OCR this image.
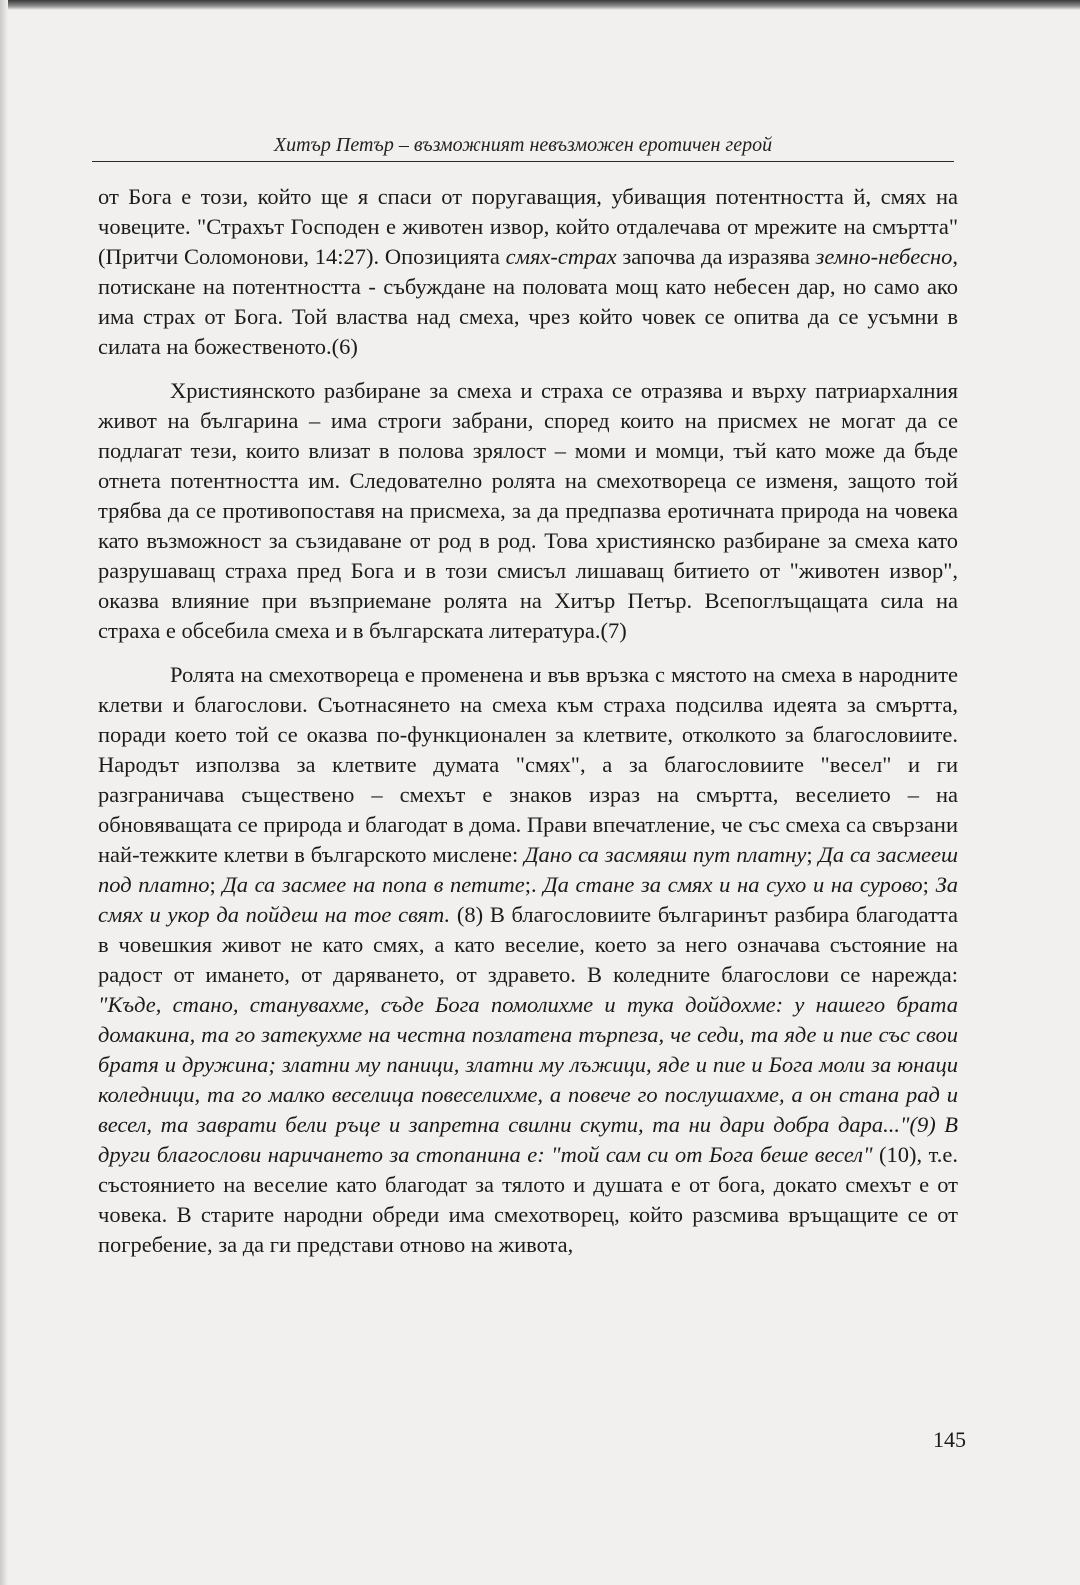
Хитър Петър – възможният невъзможен еротичен герой

от Бога е този, който ще я спаси от поругаващия, убиващия потентността й, смях на човеците. "Страхът Господен е животен извор, който отдалечава от мрежите на смъртта" (Притчи Соломонови, 14:27). Опозицията смях-страх започва да изразява земно-небесно, потискане на потентността - събуждане на половата мощ като небесен дар, но само ако има страх от Бога. Той властва над смеха, чрез който човек се опитва да се усъмни в силата на божественото.(6)

Християнското разбиране за смеха и страха се отразява и върху патриархалния живот на българина – има строги забрани, според които на присмех не могат да се подлагат тези, които влизат в полова зрялост – моми и момци, тъй като може да бъде отнета потентността им. Следователно ролята на смехотвореца се изменя, защото той трябва да се противопоставя на присмеха, за да предпазва еротичната природа на човека като възможност за съзидаване от род в род. Това християнско разбиране за смеха като разрушаващ страха пред Бога и в този смисъл лишаващ битието от "животен извор", оказва влияние при възприемане ролята на Хитър Петър. Всепоглъщащата сила на страха е обсебила смеха и в българската литература.(7)

Ролята на смехотвореца е променена и във връзка с мястото на смеха в народните клетви и благослови. Съотнасянето на смеха към страха подсилва идеята за смъртта, поради което той се оказва по-функционален за клетвите, отколкото за благословиите. Народът използва за клетвите думата "смях", а за благословиите "весел" и ги разграничава съществено – смехът е знаков израз на смъртта, веселието – на обновяващата се природа и благодат в дома. Прави впечатление, че със смеха са свързани най-тежките клетви в българското мислене: Дано са засмяяш пут платну; Да са засмееш под платно; Да са засмее на попа в петите;. Да стане за смях и на сухо и на сурово; За смях и укор да пойдеш на тое свят. (8) В благословиите българинът разбира благодатта в човешкия живот не като смях, а като веселие, което за него означава състояние на радост от имането, от даряването, от здравето. В коледните благослови се нарежда: "Къде, стано, станувахме, съде Бога помолихме и тука дойдохме: у нашего брата домакина, та го затекухме на честна позлатена търпеза, че седи, та яде и пие със свои братя и дружина; златни му паници, златни му лъжици, яде и пие и Бога моли за юнаци коледници, та го малко веселица повеселихме, а повече го послушахме, а он стана рад и весел, та заврати бели ръце и запретна свилни скути, та ни дари добра дара..."(9) В други благослови наричането за стопанина е: "той сам си от Бога беше весел" (10), т.е. състоянието на веселие като благодат за тялото и душата е от бога, докато смехът е от човека. В старите народни обреди има смехотворец, който разсмива връщащите се от погребение, за да ги представи отново на живота,

145
